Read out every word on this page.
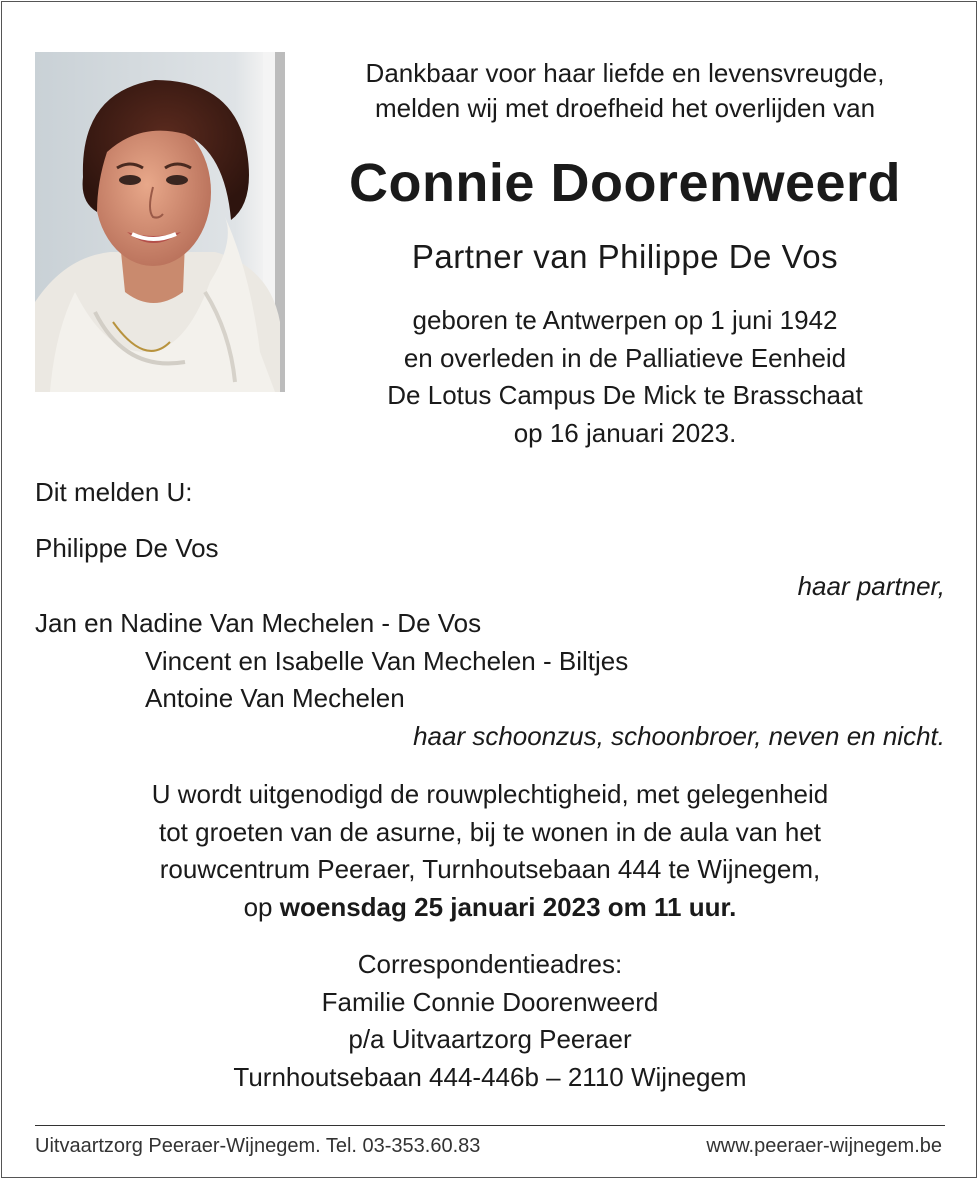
Dankbaar voor haar liefde en levensvreugde,
melden wij met droefheid het overlijden van
Connie Doorenweerd
Partner van Philippe De Vos
geboren te Antwerpen op 1 juni 1942
en overleden in de Palliatieve Eenheid
De Lotus Campus De Mick te Brasschaat
op 16 januari 2023.
Dit melden U:
Philippe De Vos
haar partner,
Jan en Nadine Van Mechelen - De Vos
Vincent en Isabelle Van Mechelen - Biltjes
Antoine Van Mechelen
haar schoonzus, schoonbroer, neven en nicht.
U wordt uitgenodigd de rouwplechtigheid, met gelegenheid
tot groeten van de asurne, bij te wonen in de aula van het
rouwcentrum Peeraer, Turnhoutsebaan 444 te Wijnegem,
op woensdag 25 januari 2023 om 11 uur.
Correspondentieadres:
Familie Connie Doorenweerd
p/a Uitvaartzorg Peeraer
Turnhoutsebaan 444-446b – 2110 Wijnegem
Uitvaartzorg Peeraer-Wijnegem. Tel. 03-353.60.83	www.peeraer-wijnegem.be
